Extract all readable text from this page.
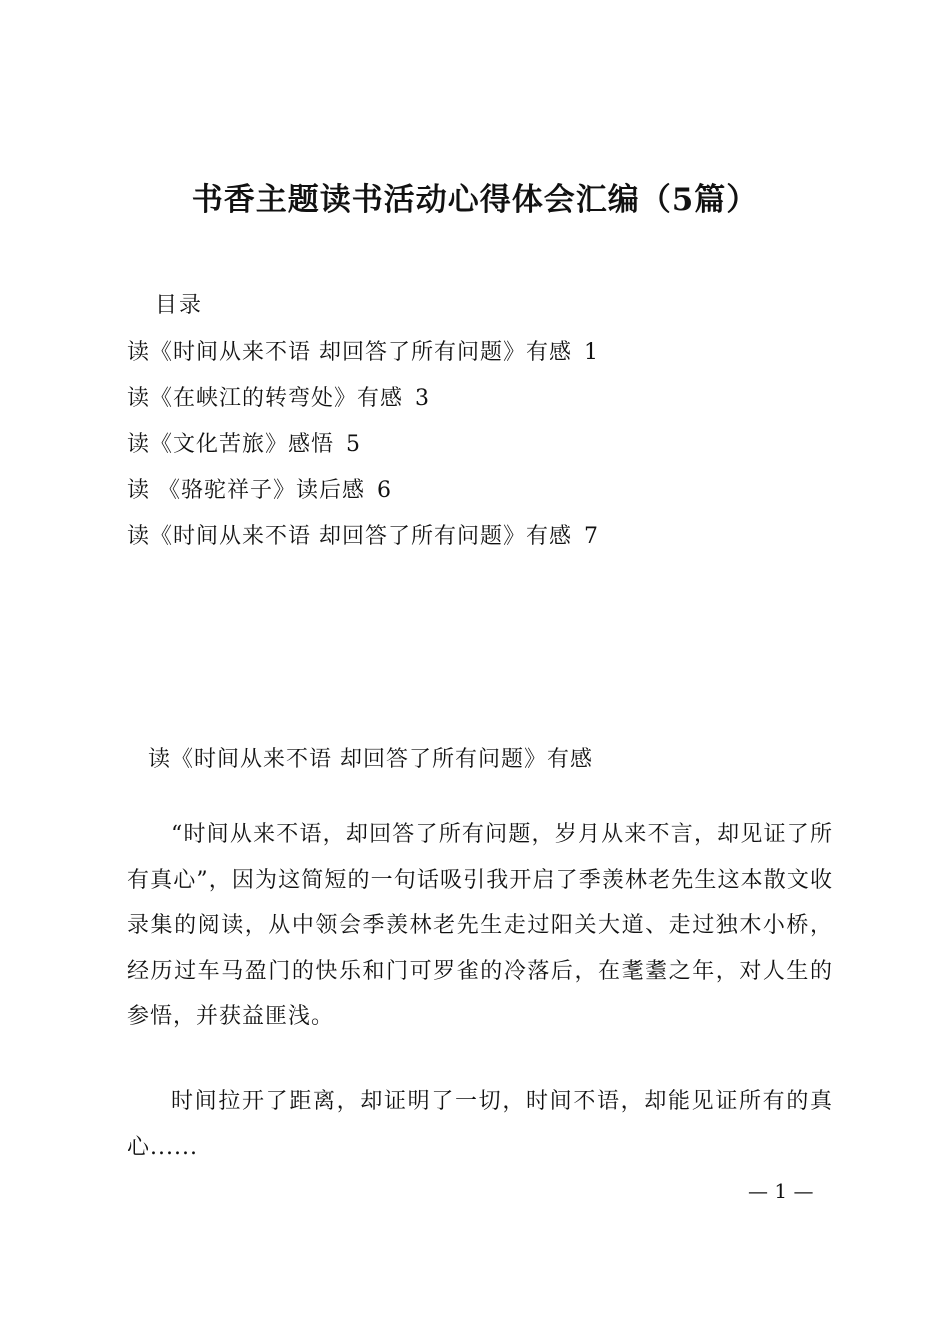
书香主题读书活动心得体会汇编（5篇）
目录
读《时间从来不语 却回答了所有问题》有感 1
读《在峡江的转弯处》有感 3
读《文化苦旅》感悟 5
读 《骆驼祥子》读后感 6
读《时间从来不语 却回答了所有问题》有感 7
读《时间从来不语 却回答了所有问题》有感
“时间从来不语，却回答了所有问题，岁月从来不言，却见证了所有真心”，因为这简短的一句话吸引我开启了季羡林老先生这本散文收录集的阅读，从中领会季羡林老先生走过阳关大道、走过独木小桥，经历过车马盈门的快乐和门可罗雀的冷落后，在耄耋之年，对人生的参悟，并获益匪浅。
时间拉开了距离，却证明了一切，时间不语，却能见证所有的真心......
— 1 —
